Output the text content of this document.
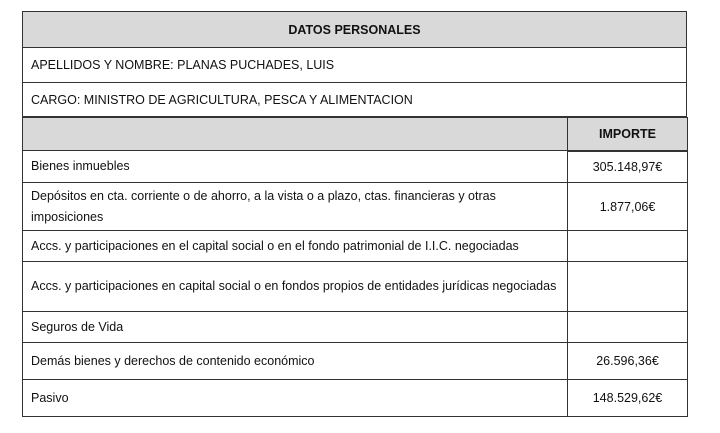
DATOS PERSONALES
APELLIDOS Y NOMBRE: PLANAS PUCHADES, LUIS
CARGO: MINISTRO DE AGRICULTURA, PESCA Y ALIMENTACION
	IMPORTE
Bienes inmuebles	305.148,97€
Depósitos en cta. corriente o de ahorro, a la vista o a plazo, ctas. financieras y otras imposiciones	1.877,06€
Accs. y participaciones en el capital social o en el fondo patrimonial de I.I.C. negociadas	
Accs. y participaciones en capital social o en fondos propios de entidades jurídicas negociadas	
Seguros de Vida	
Demás bienes y derechos de contenido económico	26.596,36€
Pasivo	148.529,62€
